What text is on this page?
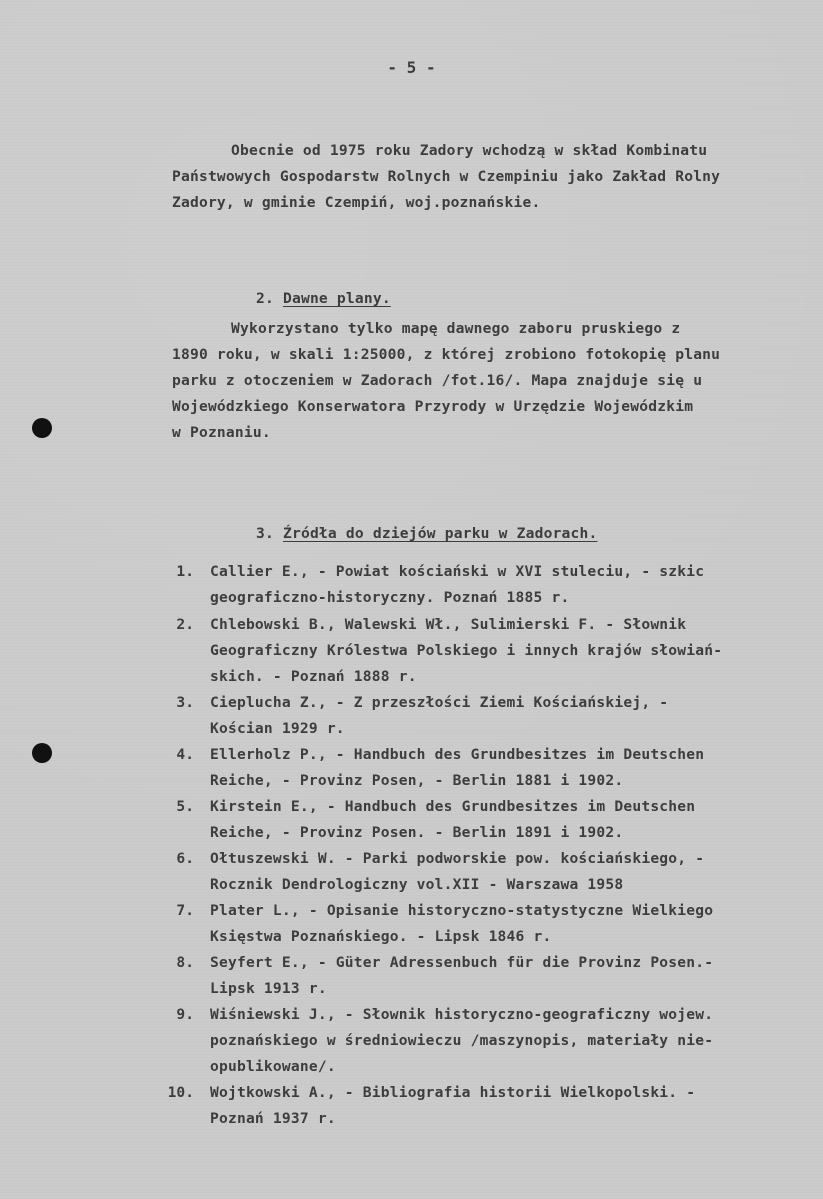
- 5 -
Obecnie od 1975 roku Zadory wchodzą w skład Kombinatu
Państwowych Gospodarstw Rolnych w Czempiniu jako Zakład Rolny
Zadory, w gminie Czempiń, woj.poznańskie.
2. Dawne plany.
Wykorzystano tylko mapę dawnego zaboru pruskiego z
1890 roku, w skali 1:25000, z której zrobiono fotokopię planu
parku z otoczeniem w Zadorach /fot.16/. Mapa znajduje się u
Wojewódzkiego Konserwatora Przyrody w Urzędzie Wojewódzkim
w Poznaniu.
3. Źródła do dziejów parku w Zadorach.
1. Callier E., - Powiat kościański w XVI stuleciu, - szkic
geograficzno-historyczny. Poznań 1885 r.
2. Chlebowski B., Walewski Wł., Sulimierski F. - Słownik
Geograficzny Królestwa Polskiego i innych krajów słowiań-
skich. - Poznań 1888 r.
3. Cieplucha Z., - Z przeszłości Ziemi Kościańskiej, -
Kościan 1929 r.
4. Ellerholz P., - Handbuch des Grundbesitzes im Deutschen
Reiche, - Provinz Posen, - Berlin 1881 i 1902.
5. Kirstein E., - Handbuch des Grundbesitzes im Deutschen
Reiche, - Provinz Posen. - Berlin 1891 i 1902.
6. Ołtuszewski W. - Parki podworskie pow. kościańskiego, -
Rocznik Dendrologiczny vol.XII - Warszawa 1958
7. Plater L., - Opisanie historyczno-statystyczne Wielkiego
Księstwa Poznańskiego. - Lipsk 1846 r.
8. Seyfert E., - Güter Adressenbuch für die Provinz Posen.-
Lipsk 1913 r.
9. Wiśniewski J., - Słownik historyczno-geograficzny wojew.
poznańskiego w średniowieczu /maszynopis, materiały nie-
opublikowane/.
10. Wojtkowski A., - Bibliografia historii Wielkopolski. -
Poznań 1937 r.
